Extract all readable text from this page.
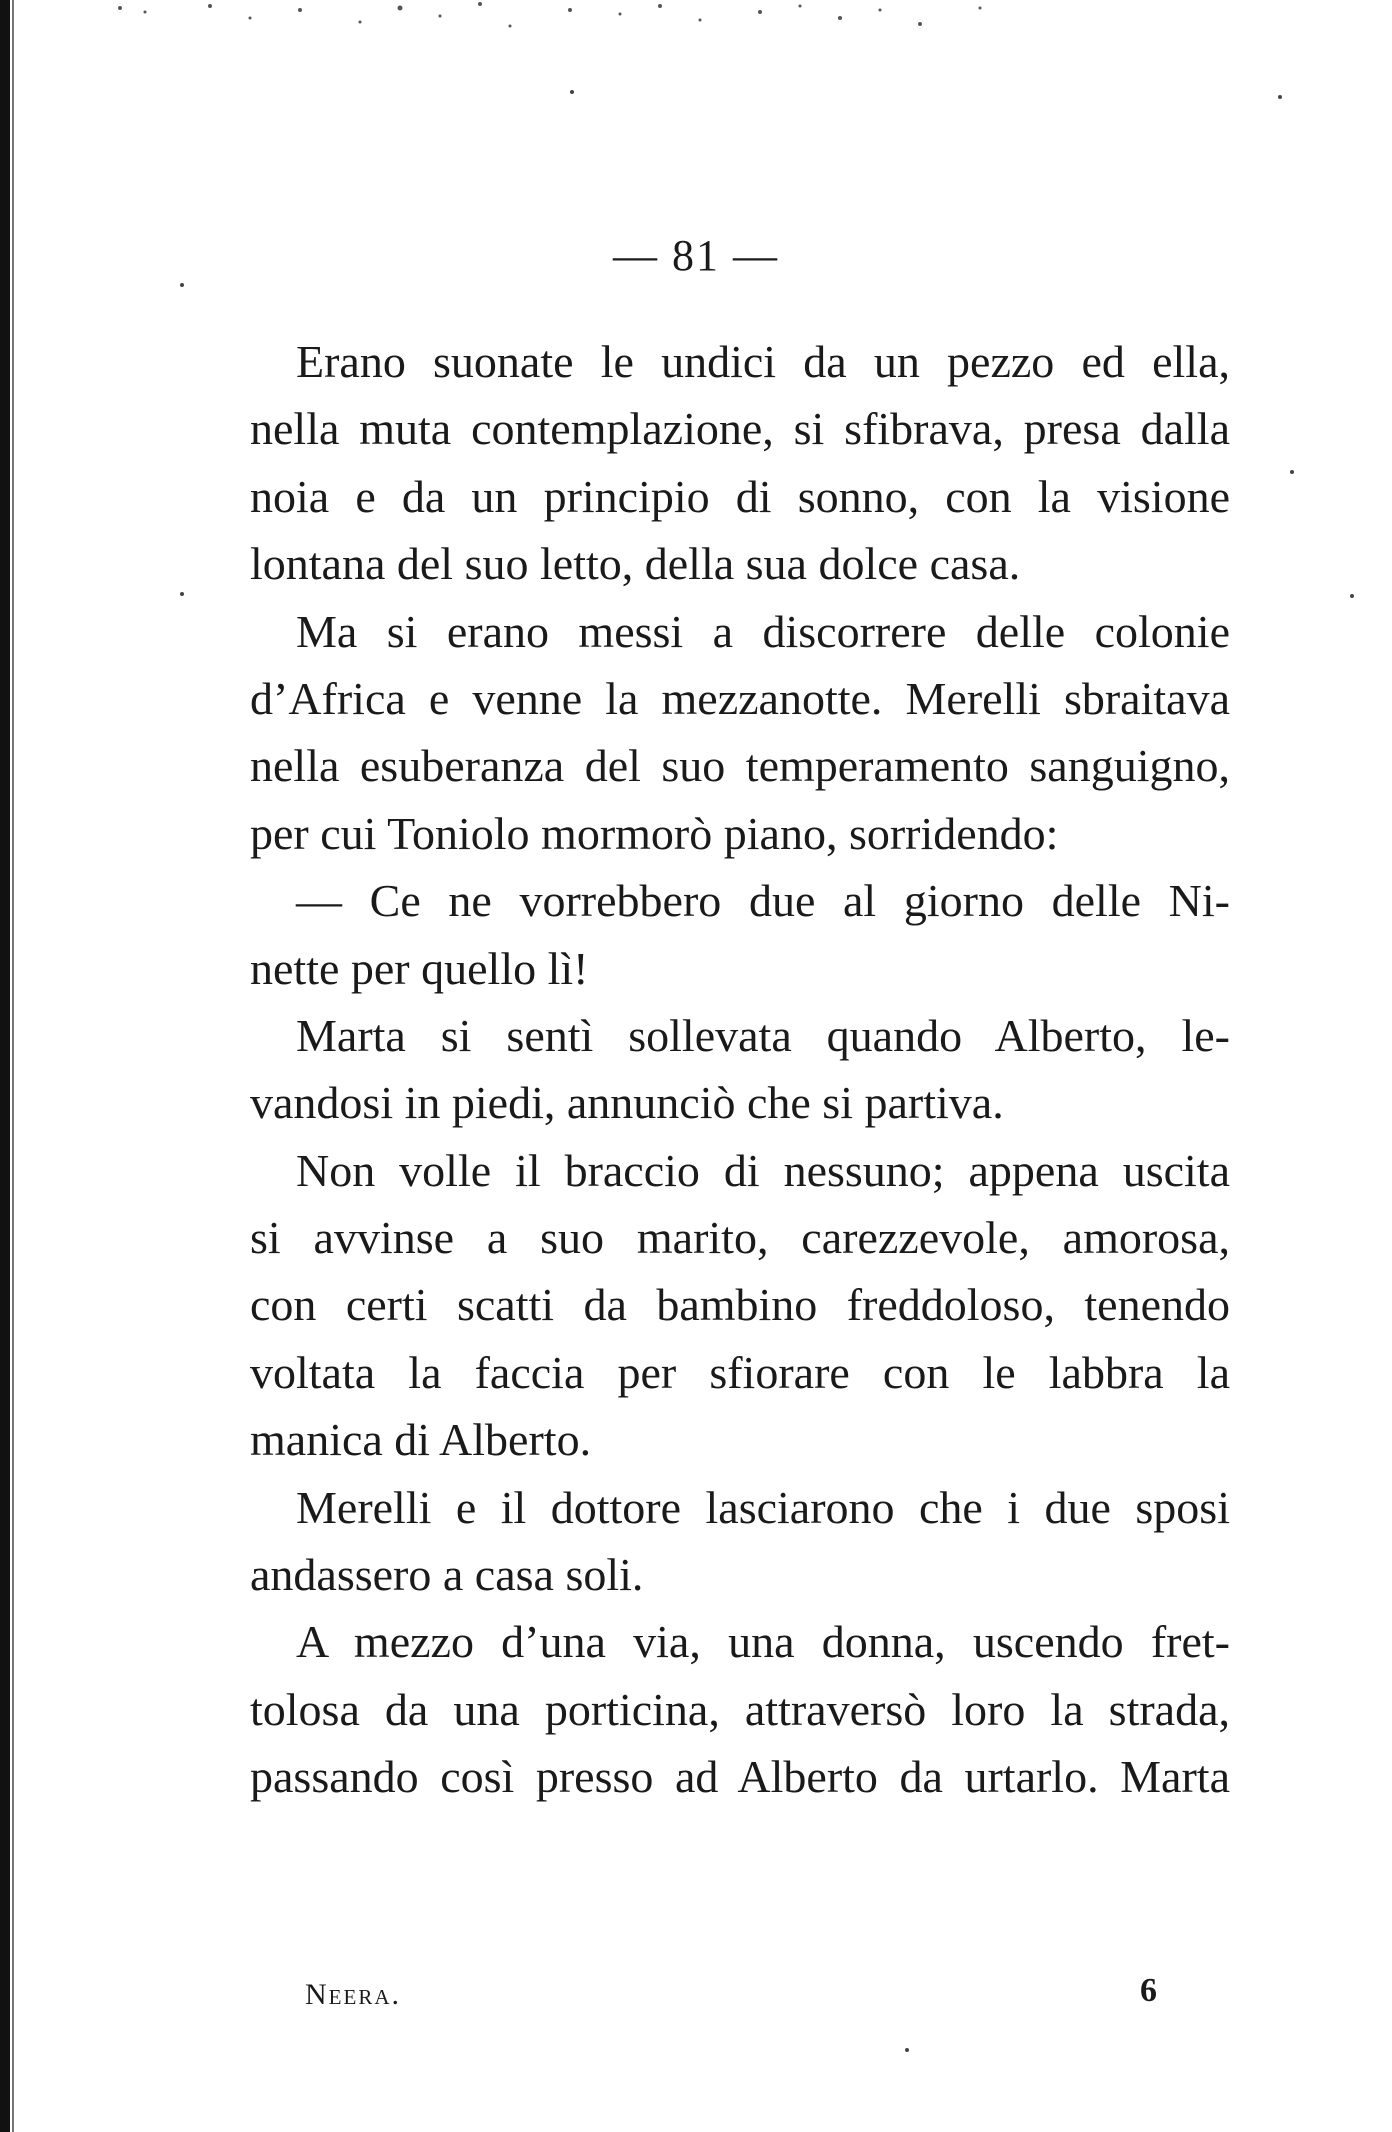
— 81 —
Erano suonate le undici da un pezzo ed ella,
nella muta contemplazione, si sfibrava, presa dalla
noia e da un principio di sonno, con la visione
lontana del suo letto, della sua dolce casa.
Ma si erano messi a discorrere delle colonie
d’Africa e venne la mezzanotte. Merelli sbraitava
nella esuberanza del suo temperamento sanguigno,
per cui Toniolo mormorò piano, sorridendo:
— Ce ne vorrebbero due al giorno delle Ni-
nette per quello lì!
Marta si sentì sollevata quando Alberto, le-
vandosi in piedi, annunciò che si partiva.
Non volle il braccio di nessuno; appena uscita
si avvinse a suo marito, carezzevole, amorosa,
con certi scatti da bambino freddoloso, tenendo
voltata la faccia per sfiorare con le labbra la
manica di Alberto.
Merelli e il dottore lasciarono che i due sposi
andassero a casa soli.
A mezzo d’una via, una donna, uscendo fret-
tolosa da una porticina, attraversò loro la strada,
passando così presso ad Alberto da urtarlo. Marta
Neera.	6
